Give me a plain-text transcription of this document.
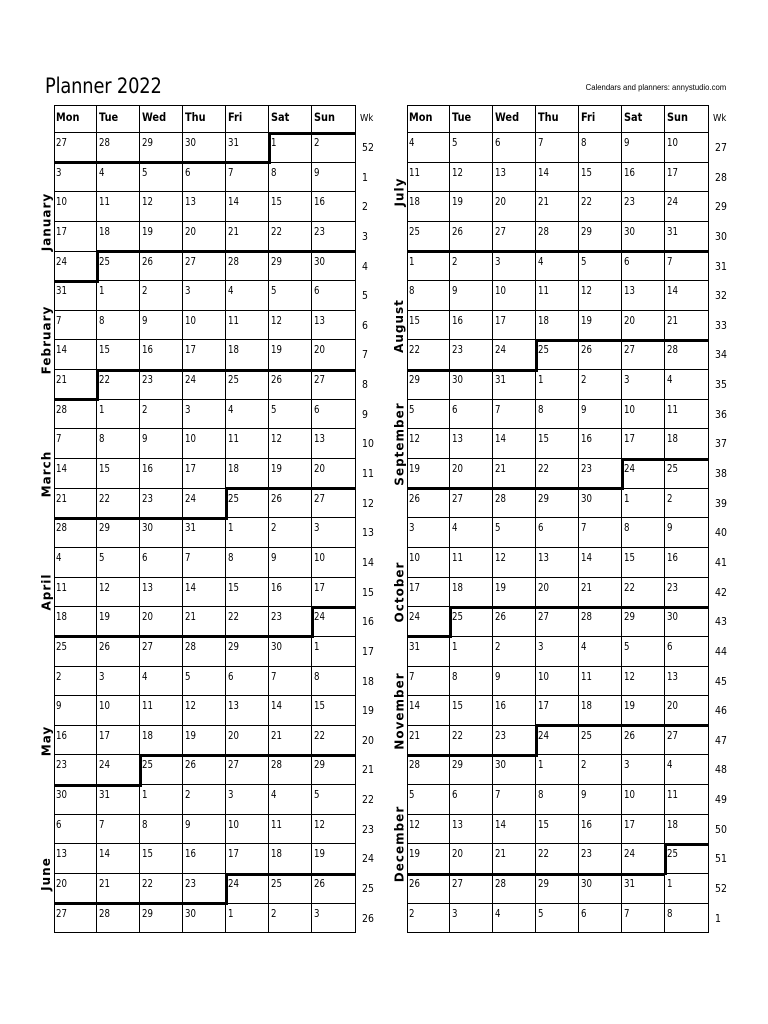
Planner 2022	Calendars and planners: annystudio.com
Mon	Tue	Wed	Thu	Fri	Sat	Sun	Wk
27	28	29	30	31	1	2	52
3	4	5	6	7	8	9	1
10	11	12	13	14	15	16	2
17	18	19	20	21	22	23	3
24	25	26	27	28	29	30	4
31	1	2	3	4	5	6	5
7	8	9	10	11	12	13	6
14	15	16	17	18	19	20	7
21	22	23	24	25	26	27	8
28	1	2	3	4	5	6	9
7	8	9	10	11	12	13	10
14	15	16	17	18	19	20	11
21	22	23	24	25	26	27	12
28	29	30	31	1	2	3	13
4	5	6	7	8	9	10	14
11	12	13	14	15	16	17	15
18	19	20	21	22	23	24	16
25	26	27	28	29	30	1	17
2	3	4	5	6	7	8	18
9	10	11	12	13	14	15	19
16	17	18	19	20	21	22	20
23	24	25	26	27	28	29	21
30	31	1	2	3	4	5	22
6	7	8	9	10	11	12	23
13	14	15	16	17	18	19	24
20	21	22	23	24	25	26	25
27	28	29	30	1	2	3	26
January
February
March
April
May
June
Mon	Tue	Wed	Thu	Fri	Sat	Sun	Wk
4	5	6	7	8	9	10	27
11	12	13	14	15	16	17	28
18	19	20	21	22	23	24	29
25	26	27	28	29	30	31	30
1	2	3	4	5	6	7	31
8	9	10	11	12	13	14	32
15	16	17	18	19	20	21	33
22	23	24	25	26	27	28	34
29	30	31	1	2	3	4	35
5	6	7	8	9	10	11	36
12	13	14	15	16	17	18	37
19	20	21	22	23	24	25	38
26	27	28	29	30	1	2	39
3	4	5	6	7	8	9	40
10	11	12	13	14	15	16	41
17	18	19	20	21	22	23	42
24	25	26	27	28	29	30	43
31	1	2	3	4	5	6	44
7	8	9	10	11	12	13	45
14	15	16	17	18	19	20	46
21	22	23	24	25	26	27	47
28	29	30	1	2	3	4	48
5	6	7	8	9	10	11	49
12	13	14	15	16	17	18	50
19	20	21	22	23	24	25	51
26	27	28	29	30	31	1	52
2	3	4	5	6	7	8	1
July
August
September
October
November
December
